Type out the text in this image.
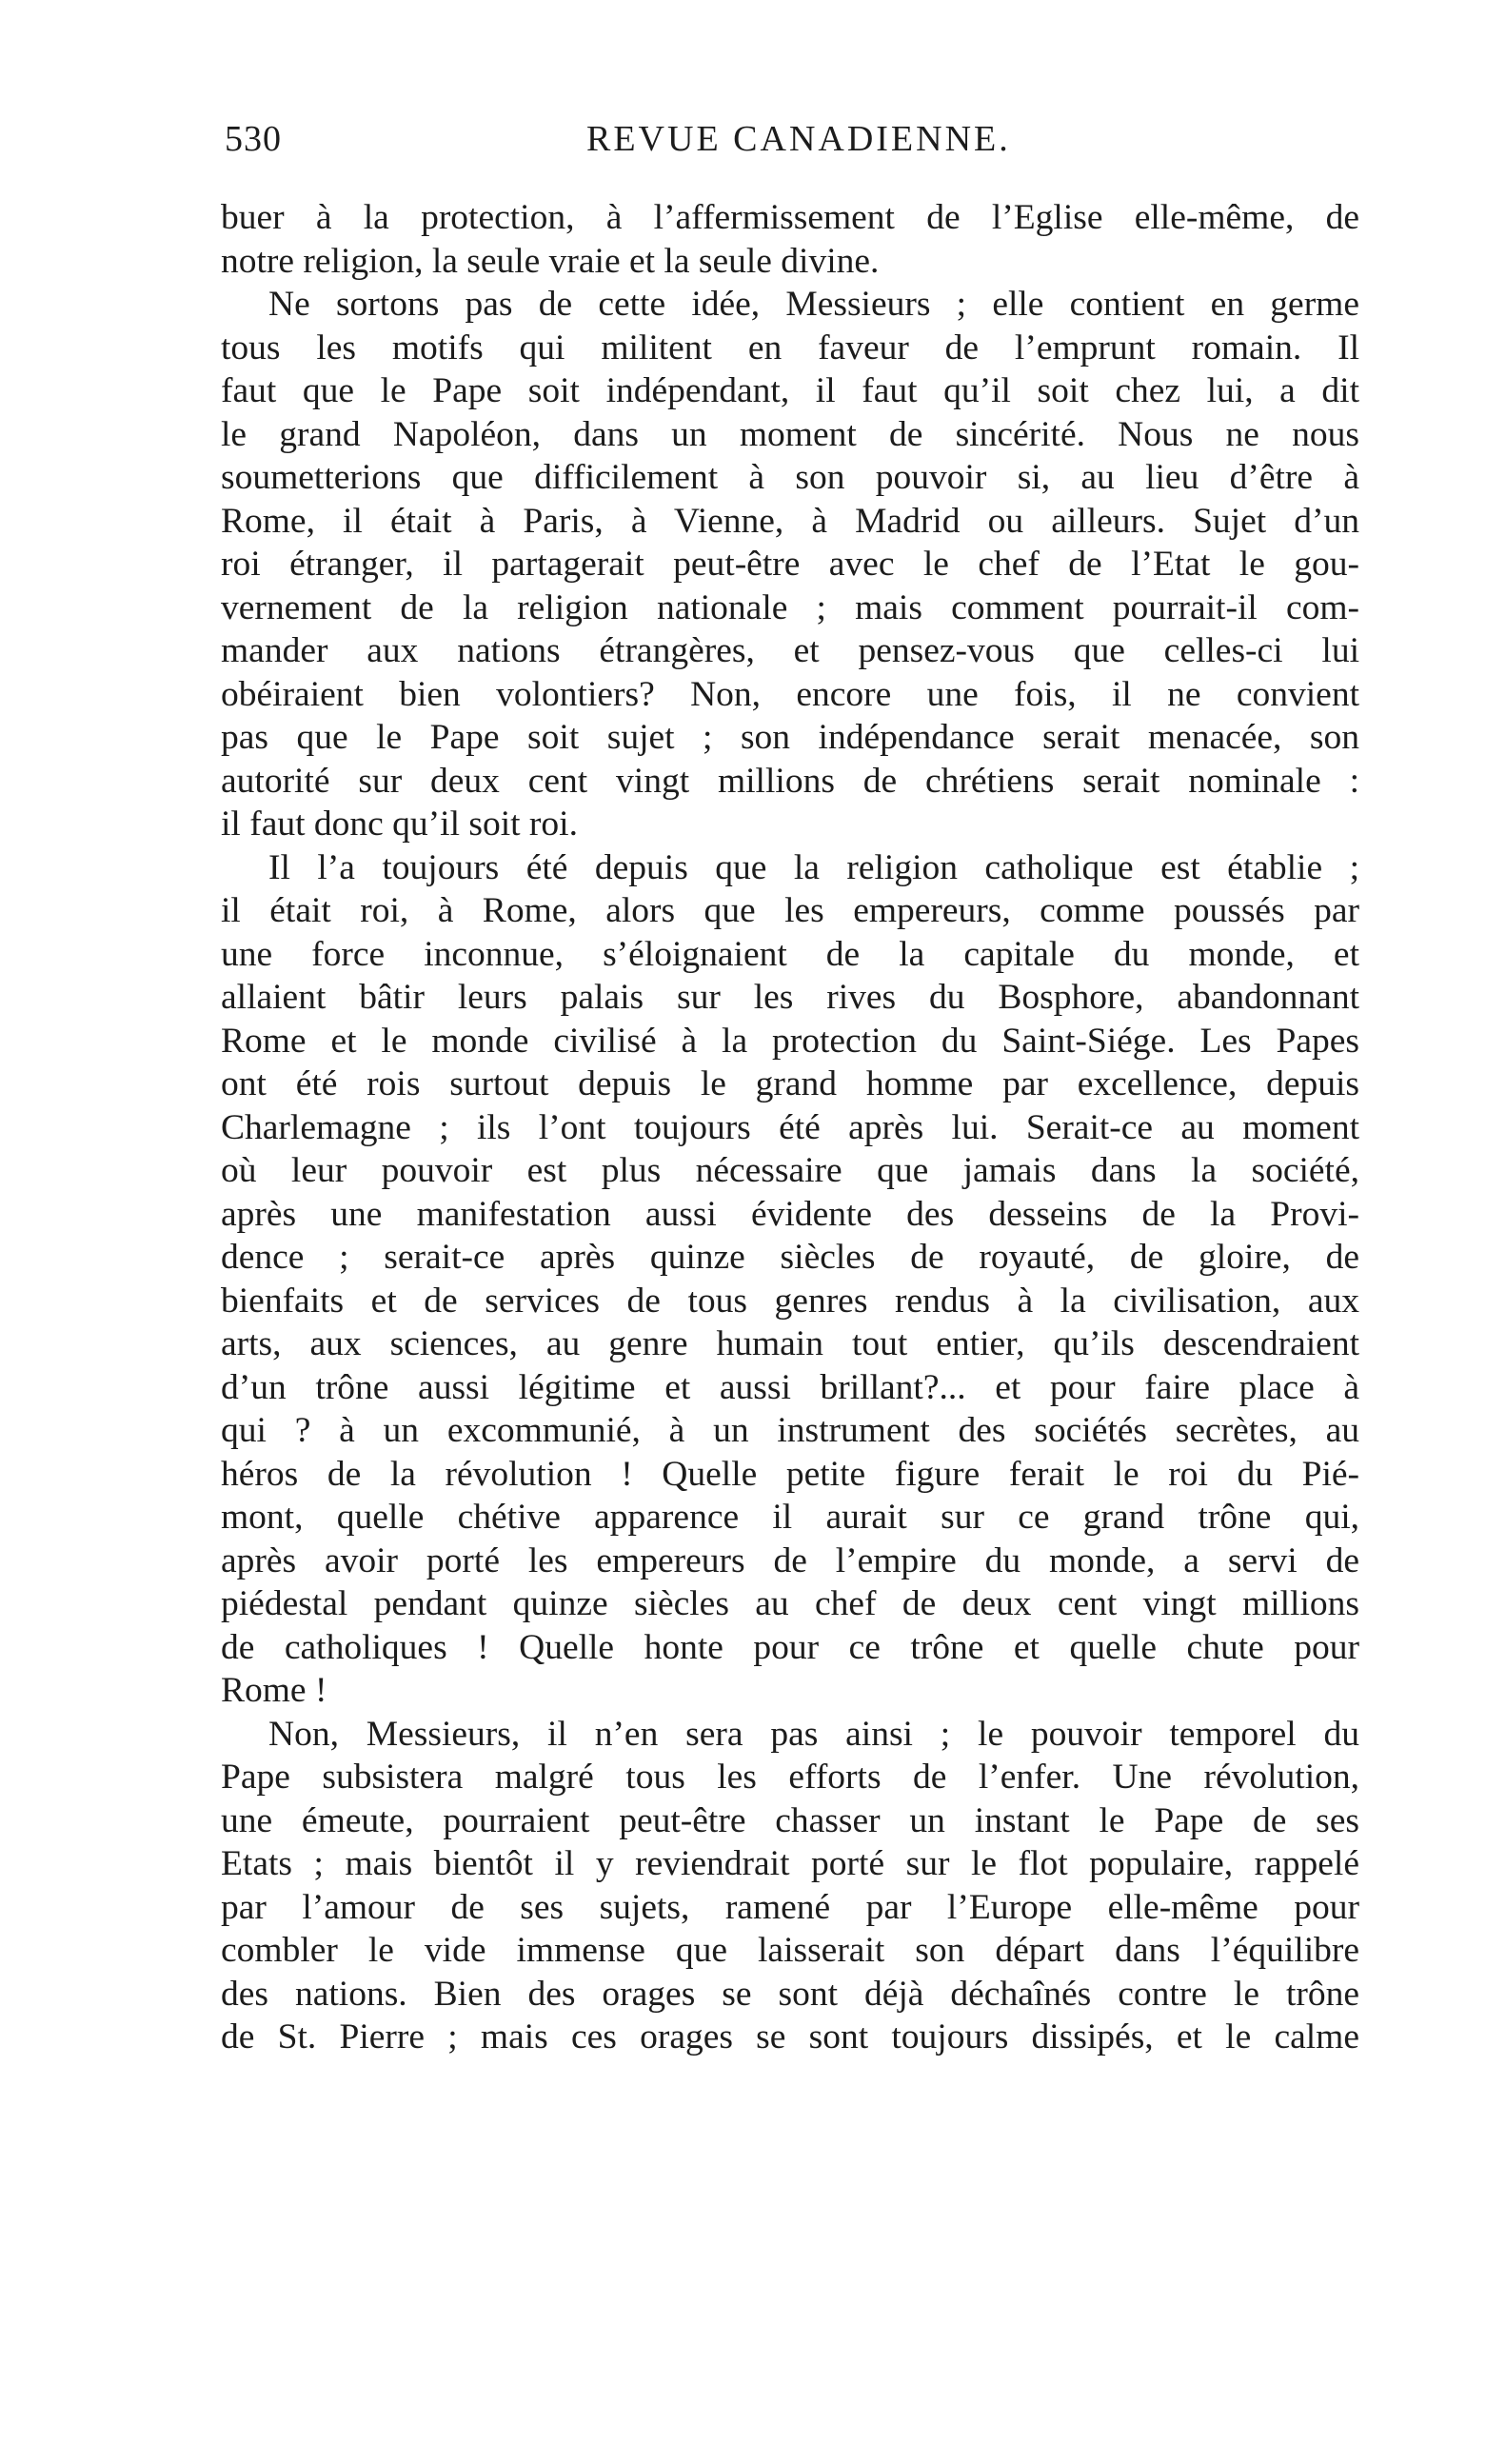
530	REVUE CANADIENNE.
buer à la protection, à l’affermissement de l’Eglise elle-même, de
notre religion, la seule vraie et la seule divine.
Ne sortons pas de cette idée, Messieurs ; elle contient en germe
tous les motifs qui militent en faveur de l’emprunt romain. Il
faut que le Pape soit indépendant, il faut qu’il soit chez lui, a dit
le grand Napoléon, dans un moment de sincérité. Nous ne nous
soumetterions que difficilement à son pouvoir si, au lieu d’être à
Rome, il était à Paris, à Vienne, à Madrid ou ailleurs. Sujet d’un
roi étranger, il partagerait peut-être avec le chef de l’Etat le gou-
vernement de la religion nationale ; mais comment pourrait-il com-
mander aux nations étrangères, et pensez-vous que celles-ci lui
obéiraient bien volontiers? Non, encore une fois, il ne convient
pas que le Pape soit sujet ; son indépendance serait menacée, son
autorité sur deux cent vingt millions de chrétiens serait nominale :
il faut donc qu’il soit roi.
Il l’a toujours été depuis que la religion catholique est établie ;
il était roi, à Rome, alors que les empereurs, comme poussés par
une force inconnue, s’éloignaient de la capitale du monde, et
allaient bâtir leurs palais sur les rives du Bosphore, abandonnant
Rome et le monde civilisé à la protection du Saint-Siége. Les Papes
ont été rois surtout depuis le grand homme par excellence, depuis
Charlemagne ; ils l’ont toujours été après lui. Serait-ce au moment
où leur pouvoir est plus nécessaire que jamais dans la société,
après une manifestation aussi évidente des desseins de la Provi-
dence ; serait-ce après quinze siècles de royauté, de gloire, de
bienfaits et de services de tous genres rendus à la civilisation, aux
arts, aux sciences, au genre humain tout entier, qu’ils descendraient
d’un trône aussi légitime et aussi brillant?... et pour faire place à
qui ? à un excommunié, à un instrument des sociétés secrètes, au
héros de la révolution ! Quelle petite figure ferait le roi du Pié-
mont, quelle chétive apparence il aurait sur ce grand trône qui,
après avoir porté les empereurs de l’empire du monde, a servi de
piédestal pendant quinze siècles au chef de deux cent vingt millions
de catholiques ! Quelle honte pour ce trône et quelle chute pour
Rome !
Non, Messieurs, il n’en sera pas ainsi ; le pouvoir temporel du
Pape subsistera malgré tous les efforts de l’enfer. Une révolution,
une émeute, pourraient peut-être chasser un instant le Pape de ses
Etats ; mais bientôt il y reviendrait porté sur le flot populaire, rappelé
par l’amour de ses sujets, ramené par l’Europe elle-même pour
combler le vide immense que laisserait son départ dans l’équilibre
des nations. Bien des orages se sont déjà déchaînés contre le trône
de St. Pierre ; mais ces orages se sont toujours dissipés, et le calme
